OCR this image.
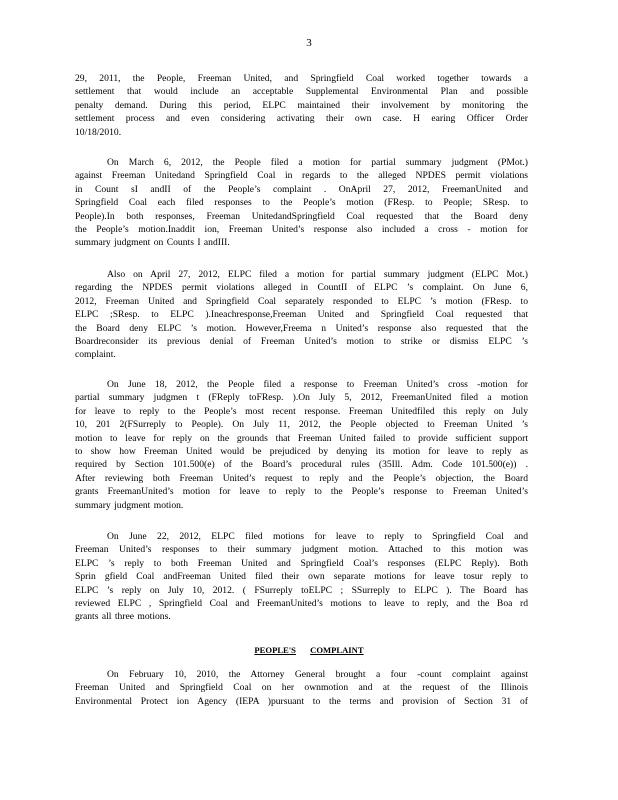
3
29, 2011, the People, Freeman United, and Springfield Coal worked together towards a
settlement that would include an acceptable Supplemental Environmental Plan and possible
penalty demand. During this period, ELPC maintained their involvement by monitoring the
settlement process and even considering activating their own case. H earing Officer Order
10/18/2010.
On March 6, 2012, the People filed a motion for partial summary judgment (PMot.)
against Freeman Unitedand Springfield Coal in regards to the alleged NPDES permit violations
in Count sI andII of the People’s complaint . OnApril 27, 2012, FreemanUnited and
Springfield Coal each filed responses to the People’s motion (FResp. to People; SResp. to
People).In both responses, Freeman UnitedandSpringfield Coal requested that the Board deny
the People’s motion.Inaddit ion, Freeman United’s response also included a cross - motion for
summary judgment on Counts I andIII.
Also on April 27, 2012, ELPC filed a motion for partial summary judgment (ELPC Mot.)
regarding the NPDES permit violations alleged in CountII of ELPC ’s complaint. On June 6,
2012, Freeman United and Springfield Coal separately responded to ELPC ’s motion (FResp. to
ELPC ;SResp. to ELPC ).Ineachresponse,Freeman United and Springfield Coal requested that
the Board deny ELPC ’s motion. However,Freema n United’s response also requested that the
Boardreconsider its previous denial of Freeman United’s motion to strike or dismiss ELPC ’s
complaint.
On June 18, 2012, the People filed a response to Freeman United’s cross -motion for
partial summary judgmen t (FReply toFResp. ).On July 5, 2012, FreemanUnited filed a motion
for leave to reply to the People’s most recent response. Freeman Unitedfiled this reply on July
10, 201 2(FSurreply to People). On July 11, 2012, the People objected to Freeman United ’s
motion to leave for reply on the grounds that Freeman United failed to provide sufficient support
to show how Freeman United would be prejudiced by denying its motion for leave to reply as
required by Section 101.500(e) of the Board’s procedural rules (35Ill. Adm. Code 101.500(e)) .
After reviewing both Freeman United’s request to reply and the People’s objection, the Board
grants FreemanUnited’s motion for leave to reply to the People’s response to Freeman United’s
summary judgment motion.
On June 22, 2012, ELPC filed motions for leave to reply to Springfield Coal and
Freeman United’s responses to their summary judgment motion. Attached to this motion was
ELPC ’s reply to both Freeman United and Springfield Coal’s responses (ELPC Reply). Both
Sprin gfield Coal andFreeman United filed their own separate motions for leave tosur reply to
ELPC ’s reply on July 10, 2012. ( FSurreply toELPC ; SSurreply to ELPC ). The Board has
reviewed ELPC , Springfield Coal and FreemanUnited’s motions to leave to reply, and the Boa rd
grants all three motions.
PEOPLE'S COMPLAINT
On February 10, 2010, the Attorney General brought a four -count complaint against
Freeman United and Springfield Coal on her ownmotion and at the request of the Illinois
Environmental Protect ion Agency (IEPA )pursuant to the terms and provision of Section 31 of
